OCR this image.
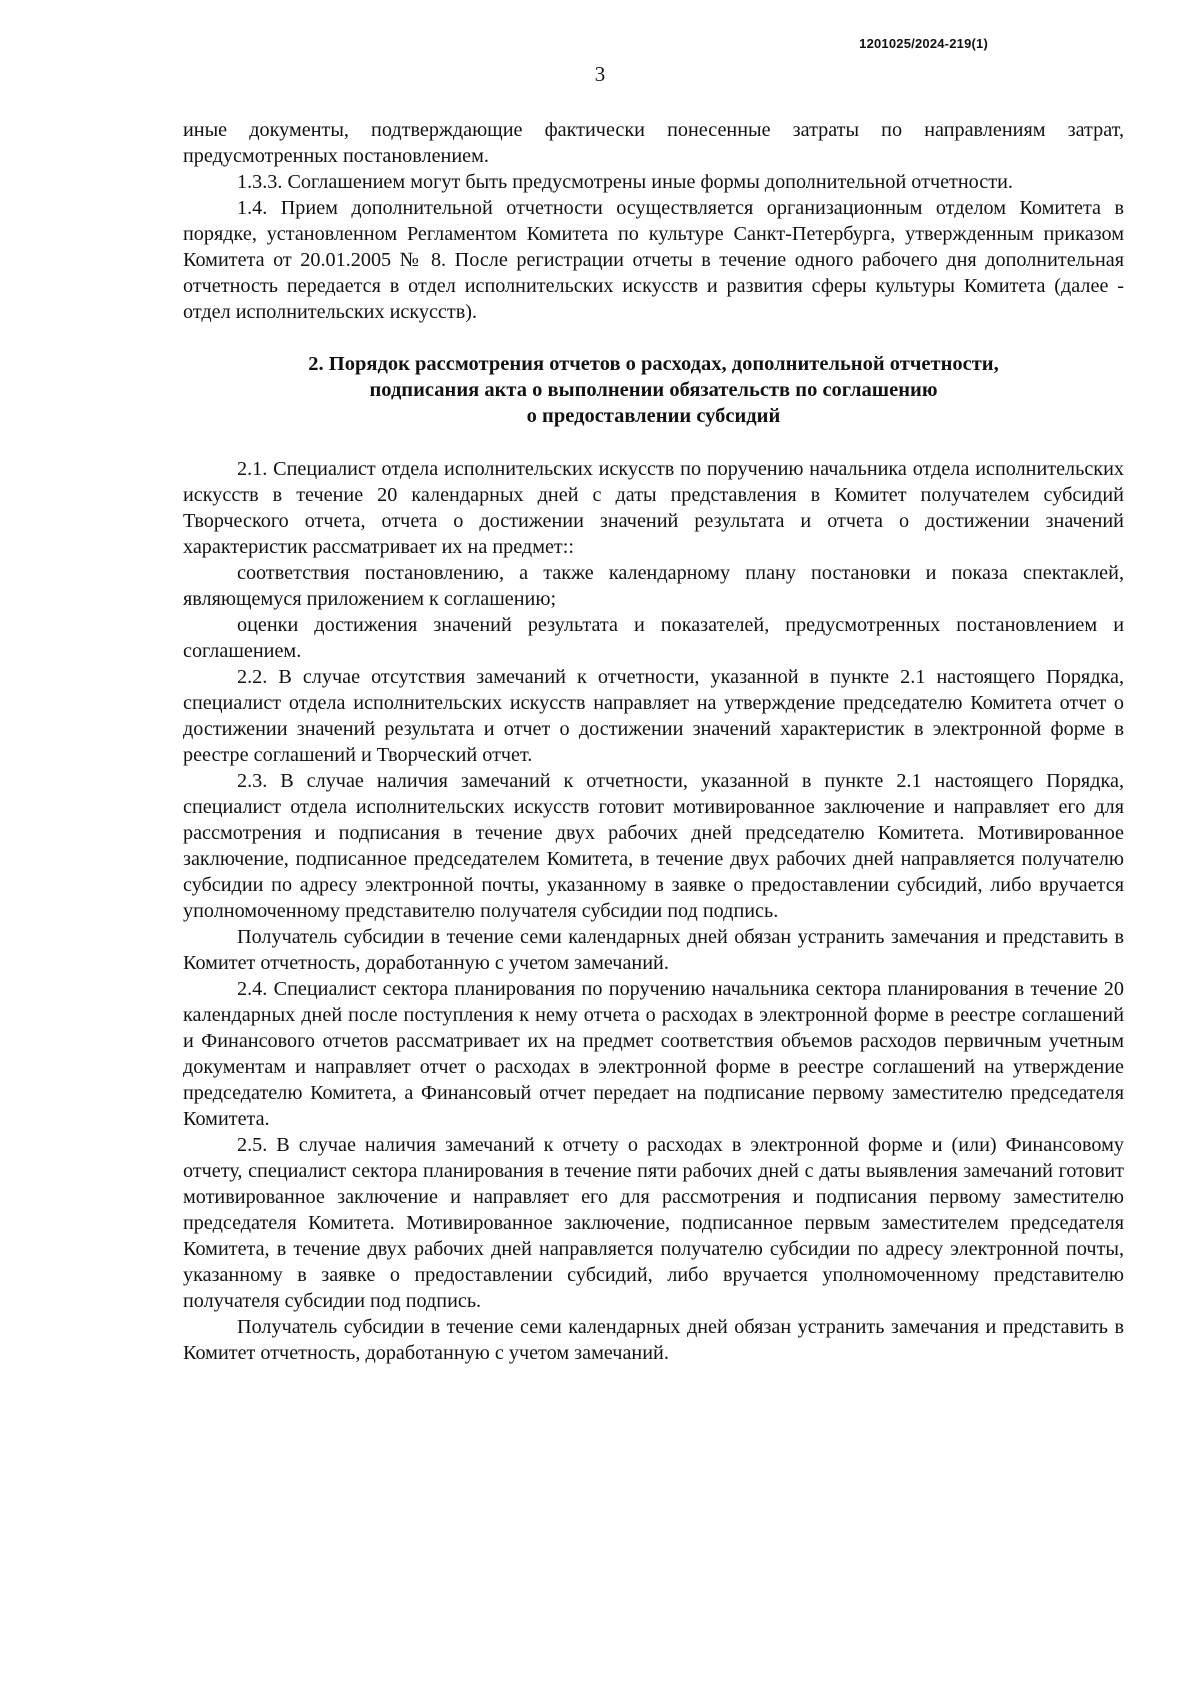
1201025/2024-219(1)
3

иные документы, подтверждающие фактически понесенные затраты по направлениям затрат, предусмотренных постановлением.

1.3.3. Соглашением могут быть предусмотрены иные формы дополнительной отчетности.

1.4. Прием дополнительной отчетности осуществляется организационным отделом Комитета в порядке, установленном Регламентом Комитета по культуре Санкт-Петербурга, утвержденным приказом Комитета от 20.01.2005 № 8. После регистрации отчеты в течение одного рабочего дня дополнительная отчетность передается в отдел исполнительских искусств и развития сферы культуры Комитета (далее - отдел исполнительских искусств).

2. Порядок рассмотрения отчетов о расходах, дополнительной отчетности,
подписания акта о выполнении обязательств по соглашению
о предоставлении субсидий

2.1. Специалист отдела исполнительских искусств по поручению начальника отдела исполнительских искусств в течение 20 календарных дней с даты представления в Комитет получателем субсидий Творческого отчета, отчета о достижении значений результата и отчета о достижении значений характеристик рассматривает их на предмет::

соответствия постановлению, а также календарному плану постановки и показа спектаклей, являющемуся приложением к соглашению;

оценки достижения значений результата и показателей, предусмотренных постановлением и соглашением.

2.2. В случае отсутствия замечаний к отчетности, указанной в пункте 2.1 настоящего Порядка, специалист отдела исполнительских искусств направляет на утверждение председателю Комитета отчет о достижении значений результата и отчет о достижении значений характеристик в электронной форме в реестре соглашений и Творческий отчет.

2.3. В случае наличия замечаний к отчетности, указанной в пункте 2.1 настоящего Порядка, специалист отдела исполнительских искусств готовит мотивированное заключение и направляет его для рассмотрения и подписания в течение двух рабочих дней председателю Комитета. Мотивированное заключение, подписанное председателем Комитета, в течение двух рабочих дней направляется получателю субсидии по адресу электронной почты, указанному в заявке о предоставлении субсидий, либо вручается уполномоченному представителю получателя субсидии под подпись.

Получатель субсидии в течение семи календарных дней обязан устранить замечания и представить в Комитет отчетность, доработанную с учетом замечаний.

2.4. Специалист сектора планирования по поручению начальника сектора планирования в течение 20 календарных дней после поступления к нему отчета о расходах в электронной форме в реестре соглашений и Финансового отчетов рассматривает их на предмет соответствия объемов расходов первичным учетным документам и направляет отчет о расходах в электронной форме в реестре соглашений на утверждение председателю Комитета, а Финансовый отчет передает на подписание первому заместителю председателя Комитета.

2.5. В случае наличия замечаний к отчету о расходах в электронной форме и (или) Финансовому отчету, специалист сектора планирования в течение пяти рабочих дней с даты выявления замечаний готовит мотивированное заключение и направляет его для рассмотрения и подписания первому заместителю председателя Комитета. Мотивированное заключение, подписанное первым заместителем председателя Комитета, в течение двух рабочих дней направляется получателю субсидии по адресу электронной почты, указанному в заявке о предоставлении субсидий, либо вручается уполномоченному представителю получателя субсидии под подпись.

Получатель субсидии в течение семи календарных дней обязан устранить замечания и представить в Комитет отчетность, доработанную с учетом замечаний.
